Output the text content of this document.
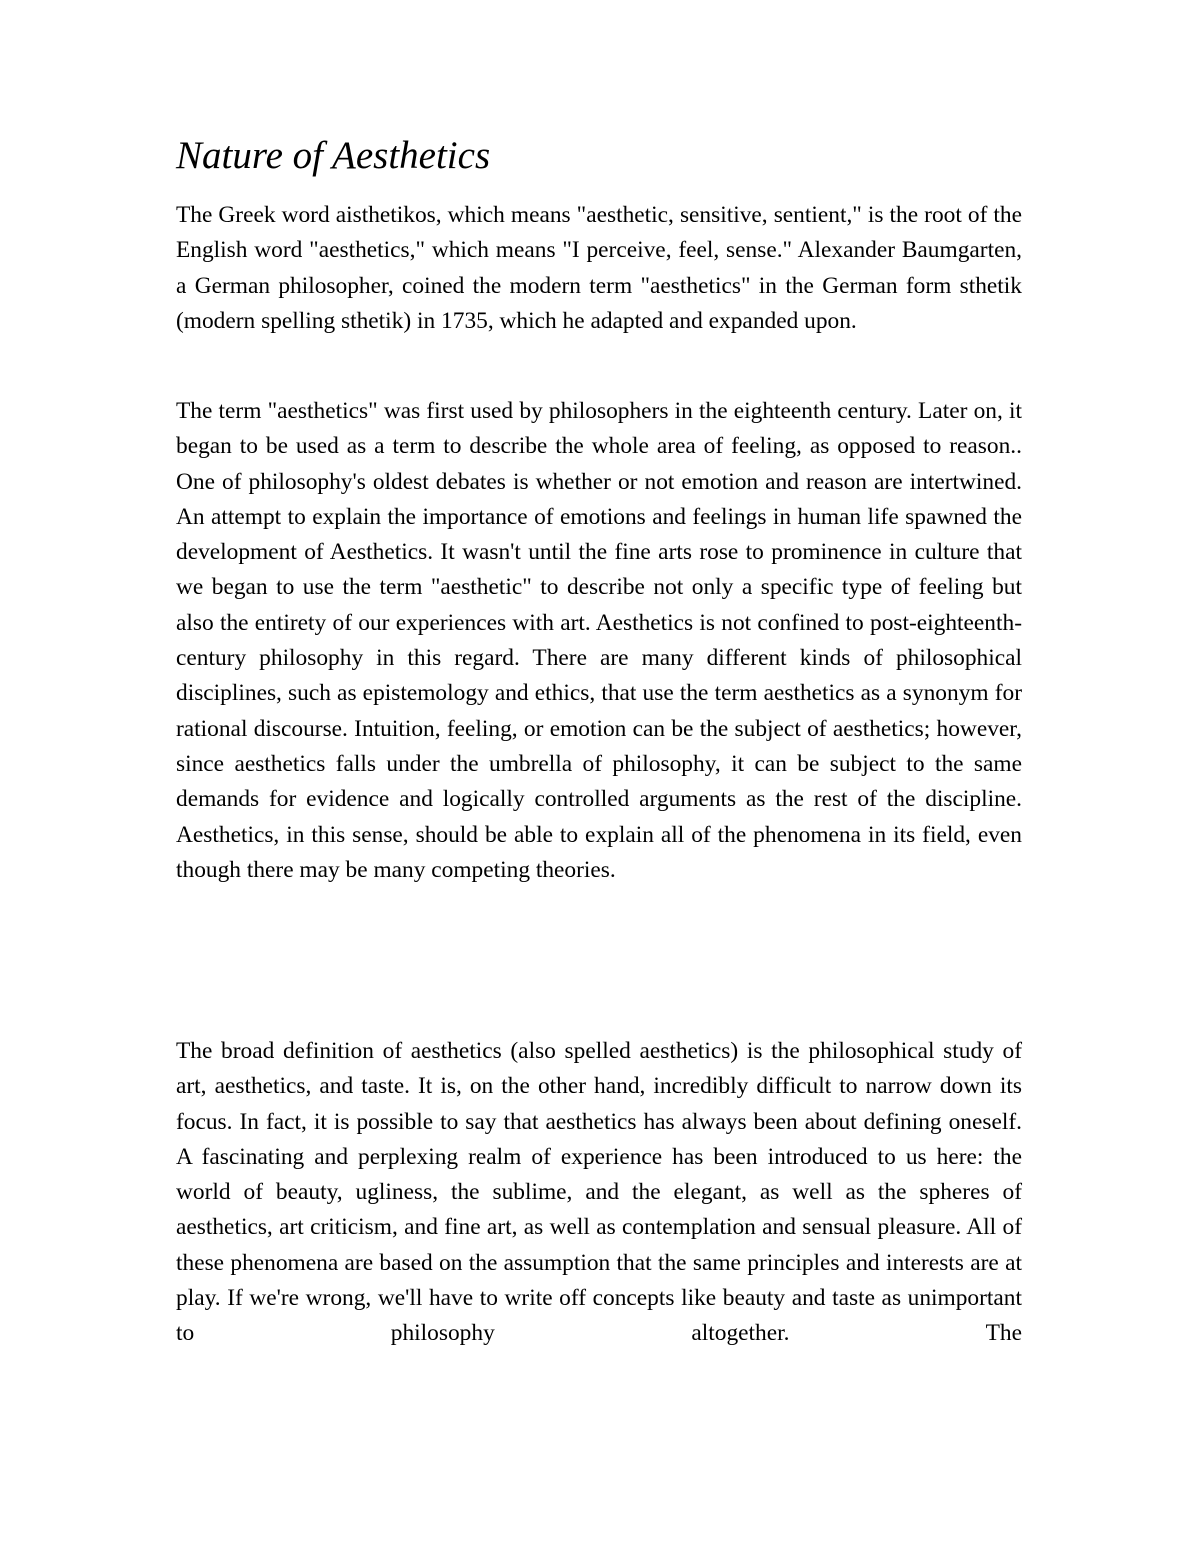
Nature of Aesthetics

The Greek word aisthetikos, which means "aesthetic, sensitive, sentient," is the root of the English word "aesthetics," which means "I perceive, feel, sense." Alexander Baumgarten, a German philosopher, coined the modern term "aesthetics" in the German form sthetik (modern spelling sthetik) in 1735, which he adapted and expanded upon.

The term "aesthetics" was first used by philosophers in the eighteenth century. Later on, it began to be used as a term to describe the whole area of feeling, as opposed to reason.. One of philosophy's oldest debates is whether or not emotion and reason are intertwined. An attempt to explain the importance of emotions and feelings in human life spawned the development of Aesthetics. It wasn't until the fine arts rose to prominence in culture that we began to use the term "aesthetic" to describe not only a specific type of feeling but also the entirety of our experiences with art. Aesthetics is not confined to post-eighteenth-century philosophy in this regard. There are many different kinds of philosophical disciplines, such as epistemology and ethics, that use the term aesthetics as a synonym for rational discourse. Intuition, feeling, or emotion can be the subject of aesthetics; however, since aesthetics falls under the umbrella of philosophy, it can be subject to the same demands for evidence and logically controlled arguments as the rest of the discipline. Aesthetics, in this sense, should be able to explain all of the phenomena in its field, even though there may be many competing theories.

The broad definition of aesthetics (also spelled aesthetics) is the philosophical study of art, aesthetics, and taste. It is, on the other hand, incredibly difficult to narrow down its focus. In fact, it is possible to say that aesthetics has always been about defining oneself. A fascinating and perplexing realm of experience has been introduced to us here: the world of beauty, ugliness, the sublime, and the elegant, as well as the spheres of aesthetics, art criticism, and fine art, as well as contemplation and sensual pleasure. All of these phenomena are based on the assumption that the same principles and interests are at play. If we're wrong, we'll have to write off concepts like beauty and taste as unimportant to philosophy altogether. The
